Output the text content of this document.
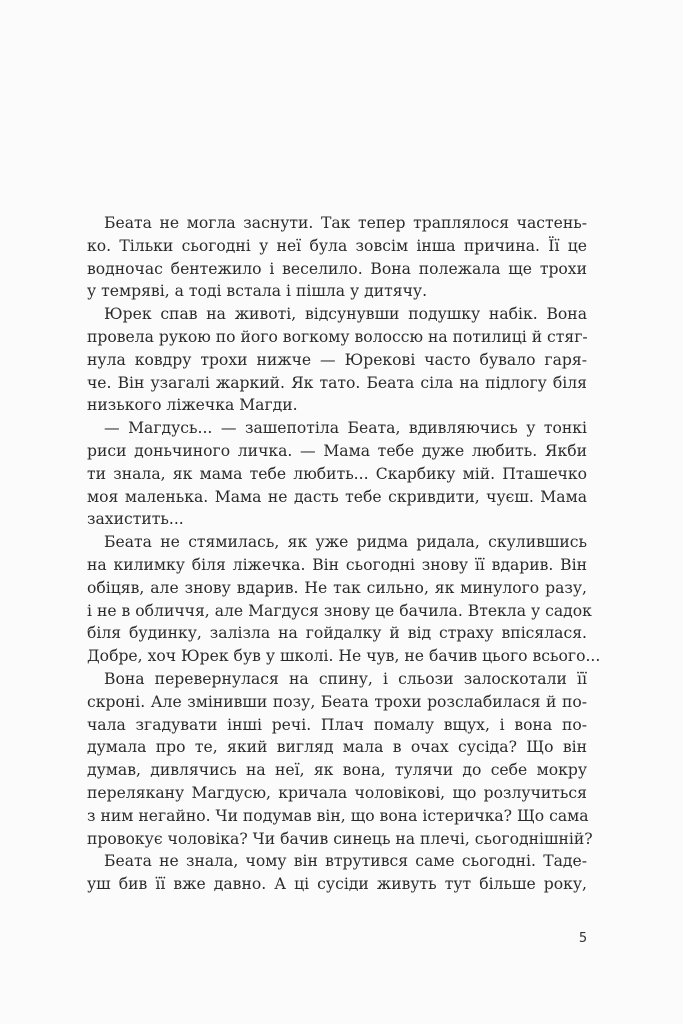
Беата не могла заснути. Так тепер траплялося частень-
ко. Тільки сьогодні у неї була зовсім інша причина. Її це
водночас бентежило і веселило. Вона полежала ще трохи
у темряві, а тоді встала і пішла у дитячу.
Юрек спав на животі, відсунувши подушку набік. Вона
провела рукою по його вогкому волоссю на потилиці й стяг-
нула ковдру трохи нижче — Юрекові часто бувало гаря-
че. Він узагалі жаркий. Як тато. Беата сіла на підлогу біля
низького ліжечка Магди.
— Магдусь... — зашепотіла Беата, вдивляючись у тонкі
риси доньчиного личка. — Мама тебе дуже любить. Якби
ти знала, як мама тебе любить... Скарбику мій. Пташечко
моя маленька. Мама не дасть тебе скривдити, чуєш. Мама
захистить...
Беата не стямилась, як уже ридма ридала, скулившись
на килимку біля ліжечка. Він сьогодні знову її вдарив. Він
обіцяв, але знову вдарив. Не так сильно, як минулого разу,
і не в обличчя, але Магдуся знову це бачила. Втекла у садок
біля будинку, залізла на гойдалку й від страху впісялася.
Добре, хоч Юрек був у школі. Не чув, не бачив цього всього...
Вона перевернулася на спину, і сльози залоскотали її
скроні. Але змінивши позу, Беата трохи розслабилася й по-
чала згадувати інші речі. Плач помалу вщух, і вона по-
думала про те, який вигляд мала в очах сусіда? Що він
думав, дивлячись на неї, як вона, тулячи до себе мокру
перелякану Магдусю, кричала чоловікові, що розлучиться
з ним негайно. Чи подумав він, що вона істеричка? Що сама
провокує чоловіка? Чи бачив синець на плечі, сьогоднішній?
Беата не знала, чому він втрутився саме сьогодні. Таде-
уш бив її вже давно. А ці сусіди живуть тут більше року,
5
